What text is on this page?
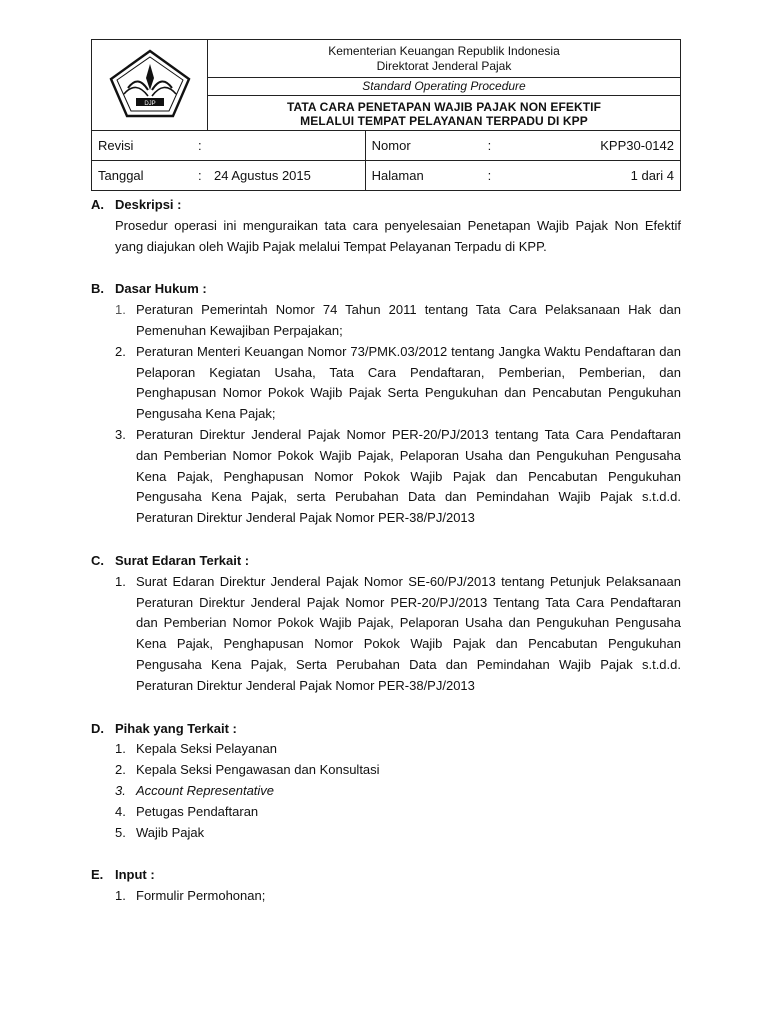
DJP	Kementerian Keuangan Republik Indonesia
Direktorat Jenderal Pajak
Standard Operating Procedure
TATA CARA PENETAPAN WAJIB PAJAK NON EFEKTIF
MELALUI TEMPAT PELAYANAN TERPADU DI KPP	

Revisi :		Nomor : KPP30-0142

Tanggal : 24 Agustus 2015		Halaman : 1 dari 4

A. Deskripsi :

Prosedur operasi ini menguraikan tata cara penyelesaian Penetapan Wajib Pajak Non Efektif yang diajukan oleh Wajib Pajak melalui Tempat Pelayanan Terpadu di KPP.

B. Dasar Hukum :

1. Peraturan Pemerintah Nomor 74 Tahun 2011 tentang Tata Cara Pelaksanaan Hak dan Pemenuhan Kewajiban Perpajakan;
2. Peraturan Menteri Keuangan Nomor 73/PMK.03/2012 tentang Jangka Waktu Pendaftaran dan Pelaporan Kegiatan Usaha, Tata Cara Pendaftaran, Pemberian, Pemberian, dan Penghapusan Nomor Pokok Wajib Pajak Serta Pengukuhan dan Pencabutan Pengukuhan Pengusaha Kena Pajak;
3. Peraturan Direktur Jenderal Pajak Nomor PER-20/PJ/2013 tentang Tata Cara Pendaftaran dan Pemberian Nomor Pokok Wajib Pajak, Pelaporan Usaha dan Pengukuhan Pengusaha Kena Pajak, Penghapusan Nomor Pokok Wajib Pajak dan Pencabutan Pengukuhan Pengusaha Kena Pajak, serta Perubahan Data dan Pemindahan Wajib Pajak s.t.d.d. Peraturan Direktur Jenderal Pajak Nomor PER-38/PJ/2013

C. Surat Edaran Terkait :

1. Surat Edaran Direktur Jenderal Pajak Nomor SE-60/PJ/2013 tentang Petunjuk Pelaksanaan Peraturan Direktur Jenderal Pajak Nomor PER-20/PJ/2013 Tentang Tata Cara Pendaftaran dan Pemberian Nomor Pokok Wajib Pajak, Pelaporan Usaha dan Pengukuhan Pengusaha Kena Pajak, Penghapusan Nomor Pokok Wajib Pajak dan Pencabutan Pengukuhan Pengusaha Kena Pajak, Serta Perubahan Data dan Pemindahan Wajib Pajak s.t.d.d. Peraturan Direktur Jenderal Pajak Nomor PER-38/PJ/2013

D. Pihak yang Terkait :

1. Kepala Seksi Pelayanan
2. Kepala Seksi Pengawasan dan Konsultasi
3. Account Representative
4. Petugas Pendaftaran
5. Wajib Pajak

E. Input :

1. Formulir Permohonan;
